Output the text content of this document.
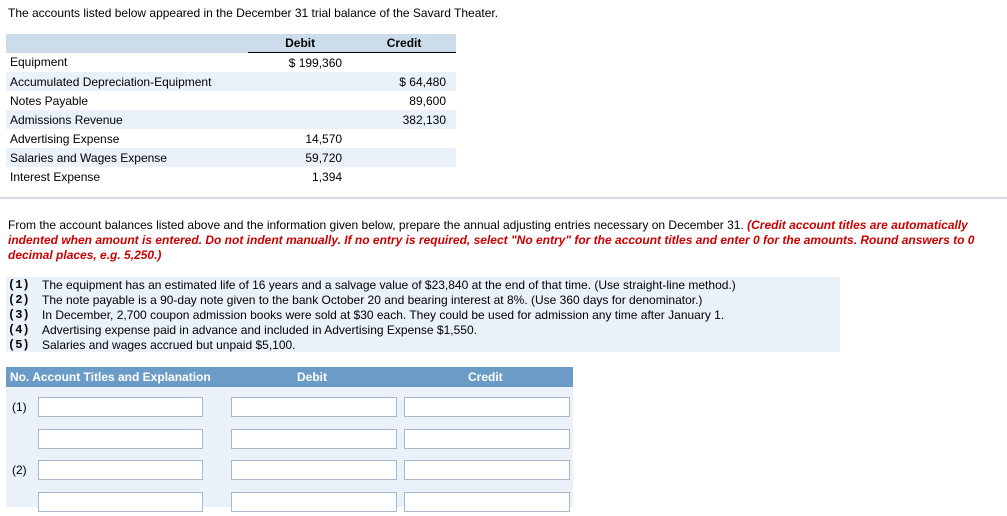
The accounts listed below appeared in the December 31 trial balance of the Savard Theater.
	Debit	Credit
Equipment	$ 199,360	
Accumulated Depreciation-Equipment		$ 64,480
Notes Payable		89,600
Admissions Revenue		382,130
Advertising Expense	14,570	
Salaries and Wages Expense	59,720	
Interest Expense	1,394	
From the account balances listed above and the information given below, prepare the annual adjusting entries necessary on December 31. (Credit account titles are automatically indented when amount is entered. Do not indent manually. If no entry is required, select "No entry" for the account titles and enter 0 for the amounts. Round answers to 0 decimal places, e.g. 5,250.)
(1)	The equipment has an estimated life of 16 years and a salvage value of $23,840 at the end of that time. (Use straight-line method.)
(2)	The note payable is a 90-day note given to the bank October 20 and bearing interest at 8%. (Use 360 days for denominator.)
(3)	In December, 2,700 coupon admission books were sold at $30 each. They could be used for admission any time after January 1.
(4)	Advertising expense paid in advance and included in Advertising Expense $1,550.
(5)	Salaries and wages accrued but unpaid $5,100.
No. Account Titles and Explanation	Debit	Credit
(1)
(2)
